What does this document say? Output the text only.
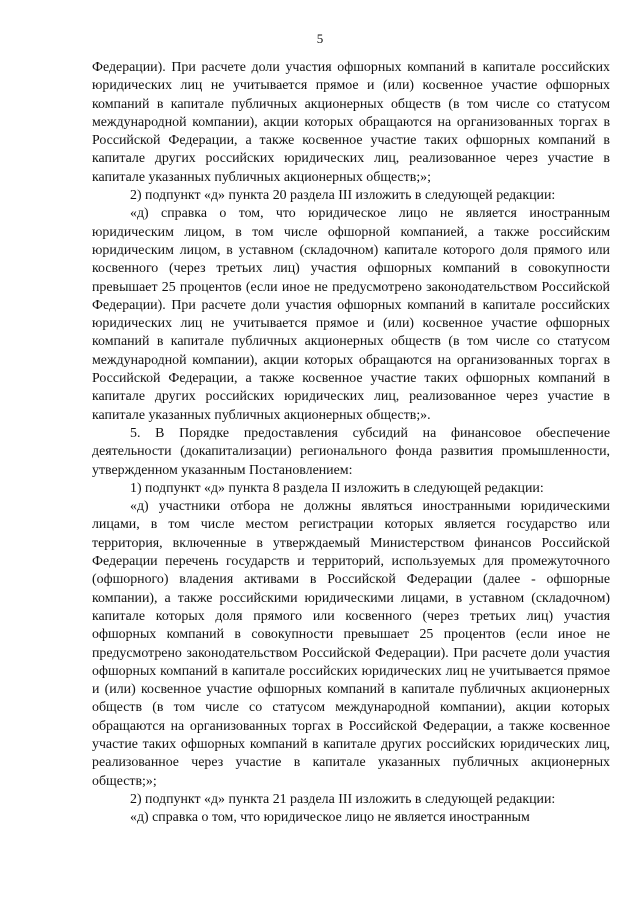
5

Федерации). При расчете доли участия офшорных компаний в капитале российских юридических лиц не учитывается прямое и (или) косвенное участие офшорных компаний в капитале публичных акционерных обществ (в том числе со статусом международной компании), акции которых обращаются на организованных торгах в Российской Федерации, а также косвенное участие таких офшорных компаний в капитале других российских юридических лиц, реализованное через участие в капитале указанных публичных акционерных обществ;»;

2) подпункт «д» пункта 20 раздела III изложить в следующей редакции:

«д) справка о том, что юридическое лицо не является иностранным юридическим лицом, в том числе офшорной компанией, а также российским юридическим лицом, в уставном (складочном) капитале которого доля прямого или косвенного (через третьих лиц) участия офшорных компаний в совокупности превышает 25 процентов (если иное не предусмотрено законодательством Российской Федерации). При расчете доли участия офшорных компаний в капитале российских юридических лиц не учитывается прямое и (или) косвенное участие офшорных компаний в капитале публичных акционерных обществ (в том числе со статусом международной компании), акции которых обращаются на организованных торгах в Российской Федерации, а также косвенное участие таких офшорных компаний в капитале других российских юридических лиц, реализованное через участие в капитале указанных публичных акционерных обществ;».

5. В Порядке предоставления субсидий на финансовое обеспечение деятельности (докапитализации) регионального фонда развития промышленности, утвержденном указанным Постановлением:

1) подпункт «д» пункта 8 раздела II изложить в следующей редакции:

«д) участники отбора не должны являться иностранными юридическими лицами, в том числе местом регистрации которых является государство или территория, включенные в утверждаемый Министерством финансов Российской Федерации перечень государств и территорий, используемых для промежуточного (офшорного) владения активами в Российской Федерации (далее - офшорные компании), а также российскими юридическими лицами, в уставном (складочном) капитале которых доля прямого или косвенного (через третьих лиц) участия офшорных компаний в совокупности превышает 25 процентов (если иное не предусмотрено законодательством Российской Федерации). При расчете доли участия офшорных компаний в капитале российских юридических лиц не учитывается прямое и (или) косвенное участие офшорных компаний в капитале публичных акционерных обществ (в том числе со статусом международной компании), акции которых обращаются на организованных торгах в Российской Федерации, а также косвенное участие таких офшорных компаний в капитале других российских юридических лиц, реализованное через участие в капитале указанных публичных акционерных обществ;»;

2) подпункт «д» пункта 21 раздела III изложить в следующей редакции:

«д) справка о том, что юридическое лицо не является иностранным
